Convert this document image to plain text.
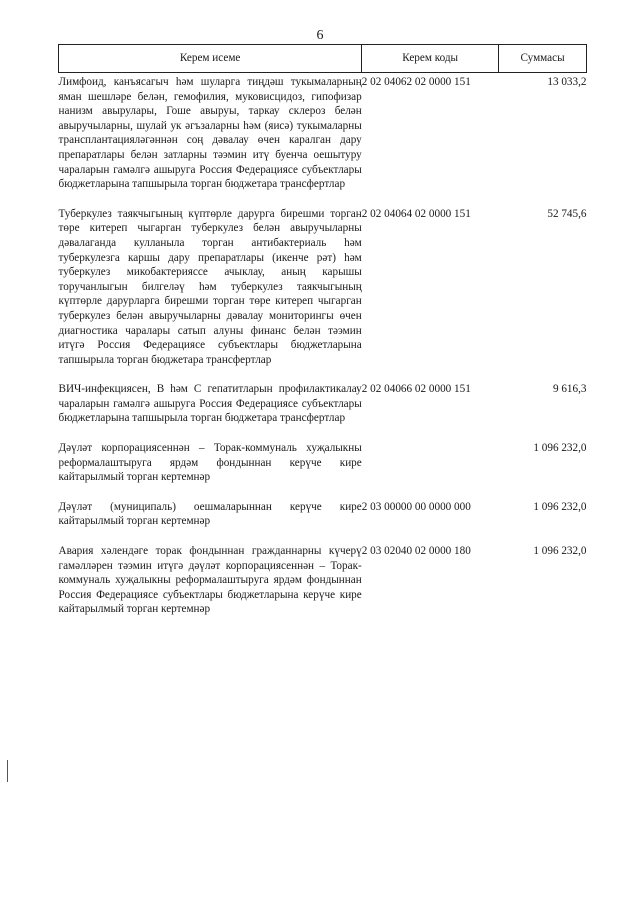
6
Керем исеме	Керем коды	Суммасы
Лимфоид, канъясагыч һәм шуларга тиңдәш тукымаларның яман шешләре белән, гемофилия, муковисцидоз, гипофизар нанизм авырулары, Гоше авыруы, таркау склероз белән авыручыларны, шулай ук әгъзаларны һәм (яисә) тукымаларны трансплантацияләгәннән соң дәвалау өчен каралган дару препаратлары белән затларны тәэмин итү буенча оешытуру чараларын гамәлгә ашыруга Россия Федерациясе субъектлары бюджетларына тапшырыла торган бюджетара трансфертлар	2 02 04062 02 0000 151	13 033,2

Туберкулез таякчыгының күптөрле дарурга бирешми торган төре китереп чыгарган туберкулез белән авыручыларны дәвалаганда кулланыла торган антибактериаль һәм туберкулезга каршы дару препаратлары (икенче рәт) һәм туберкулез микобактерияссе ачыклау, аның карышы торучанлыгын билгеләү һәм туберкулез таякчыгының күптөрле дарурларга бирешми торган төре китереп чыгарган туберкулез белән авыручыларны дәвалау мониторингы өчен диагностика чаралары сатып алуны финанс белән тәэмин итүгә Россия Федерациясе субъектлары бюджетларына тапшырыла торган бюджетара трансфертлар	2 02 04064 02 0000 151	52 745,6

ВИЧ-инфекциясен, В һәм С гепатитларын профилактикалау чараларын гамәлгә ашыруга Россия Федерациясе субъектлары бюджетларына тапшырыла торган бюджетара трансфертлар	2 02 04066 02 0000 151	9 616,3

Дәүләт корпорациясеннән – Торак-коммуналь хуҗалыкны реформалаштыруга ярдәм фондыннан керүче кире кайтарылмый торган кертемнәр		1 096 232,0

Дәүләт (муниципаль) оешмаларыннан керүче кире кайтарылмый торган кертемнәр	2 03 00000 00 0000 000	1 096 232,0

Авария хәлендәге торак фондыннан гражданнарны күчерү гамәлләрен тәэмин итүгә дәүләт корпорациясеннән – Торак-коммуналь хуҗалыкны реформалаштыруга ярдәм фондыннан Россия Федерациясе субъектлары бюджетларына керүче кире кайтарылмый торган кертемнәр	2 03 02040 02 0000 180	1 096 232,0
